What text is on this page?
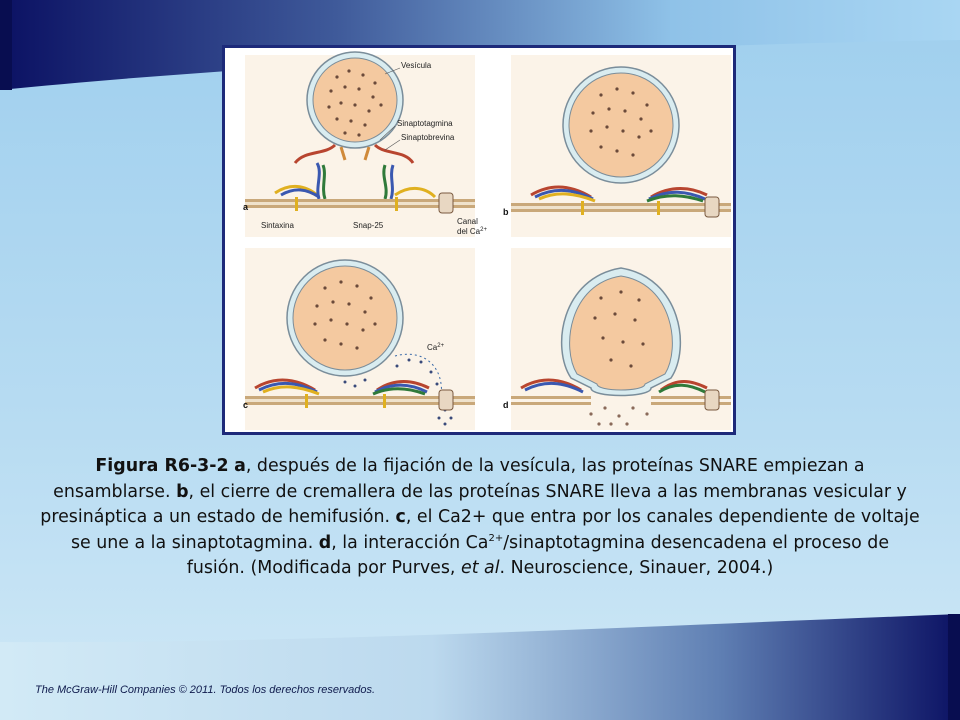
a
Vesícula
Sinaptotagmina
Sinaptobrevina
Sintaxina	Snap-25	Canal
del $Ca^{2+}$
b
$Ca^{2+}$
c	d
Figura R6-3-2 a, después de la fijación de la vesícula, las proteínas SNARE empiezan a ensamblarse. b, el cierre de cremallera de las proteínas SNARE lleva a las membranas vesicular y presináptica a un estado de hemifusión. c, el Ca2+ que entra por los canales dependiente de voltaje se une a la sinaptotagmina. d, la interacción $Ca^{2+}$/sinaptotagmina desencadena el proceso de fusión. (Modificada por Purves, et al. Neuroscience, Sinauer, 2004.)
The McGraw-Hill Companies © 2011. Todos los derechos reservados.
